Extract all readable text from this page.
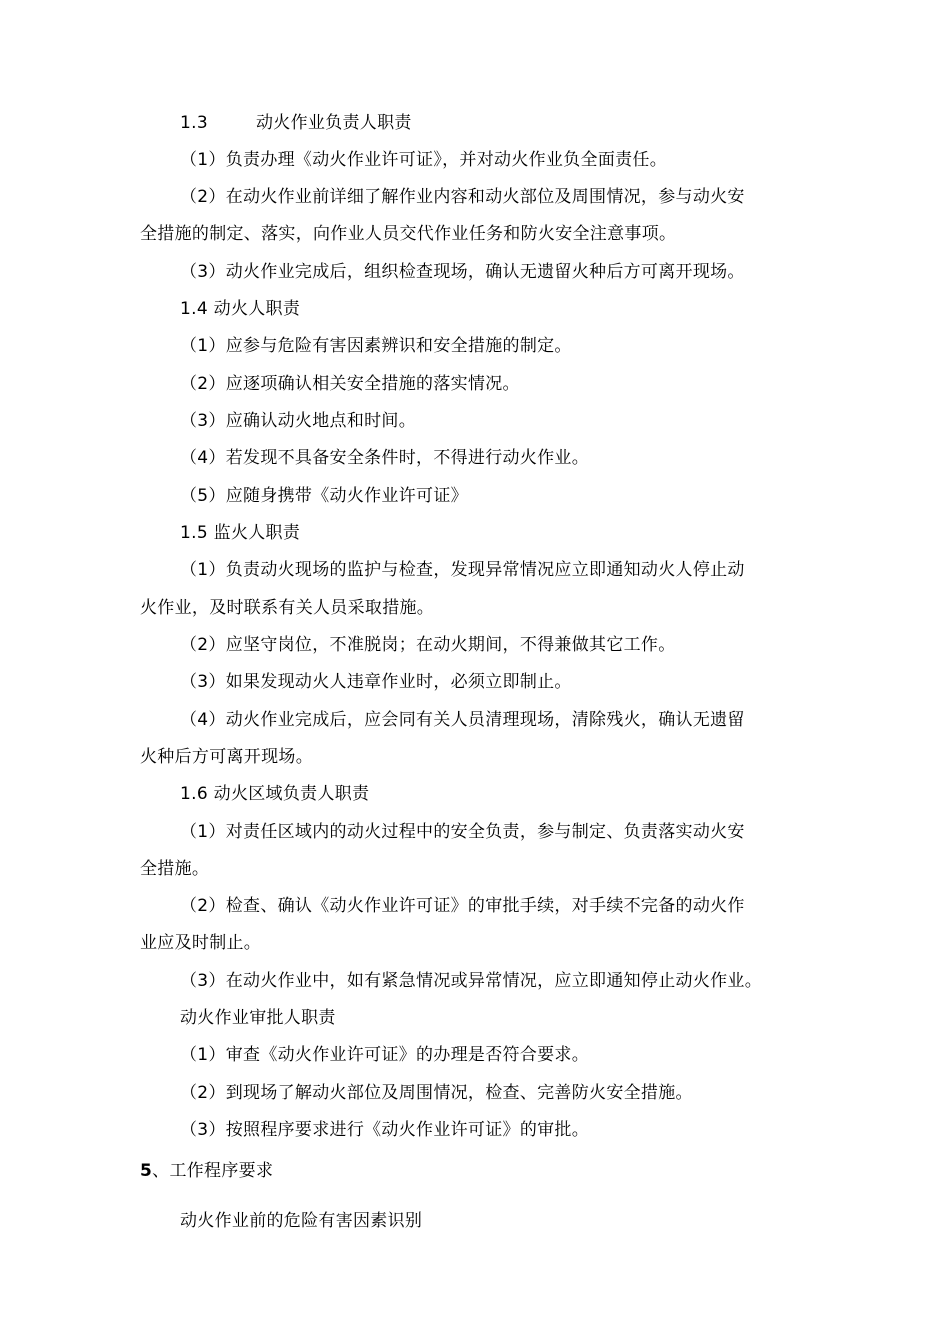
1.3	动火作业负责人职责
（1）负责办理《动火作业许可证》，并对动火作业负全面责任。
（2）在动火作业前详细了解作业内容和动火部位及周围情况，参与动火安
全措施的制定、落实，向作业人员交代作业任务和防火安全注意事项。
（3）动火作业完成后，组织检查现场，确认无遗留火种后方可离开现场。
1.4 动火人职责
（1）应参与危险有害因素辨识和安全措施的制定。
（2）应逐项确认相关安全措施的落实情况。
（3）应确认动火地点和时间。
（4）若发现不具备安全条件时，不得进行动火作业。
（5）应随身携带《动火作业许可证》
1.5 监火人职责
（1）负责动火现场的监护与检查，发现异常情况应立即通知动火人停止动
火作业，及时联系有关人员采取措施。
（2）应坚守岗位，不准脱岗；在动火期间，不得兼做其它工作。
（3）如果发现动火人违章作业时，必须立即制止。
（4）动火作业完成后，应会同有关人员清理现场，清除残火，确认无遗留
火种后方可离开现场。
1.6 动火区域负责人职责
（1）对责任区域内的动火过程中的安全负责，参与制定、负责落实动火安
全措施。
（2）检查、确认《动火作业许可证》的审批手续，对手续不完备的动火作
业应及时制止。
（3）在动火作业中，如有紧急情况或异常情况，应立即通知停止动火作业。
动火作业审批人职责
（1）审查《动火作业许可证》的办理是否符合要求。
（2）到现场了解动火部位及周围情况，检查、完善防火安全措施。
（3）按照程序要求进行《动火作业许可证》的审批。
5、工作程序要求
动火作业前的危险有害因素识别
